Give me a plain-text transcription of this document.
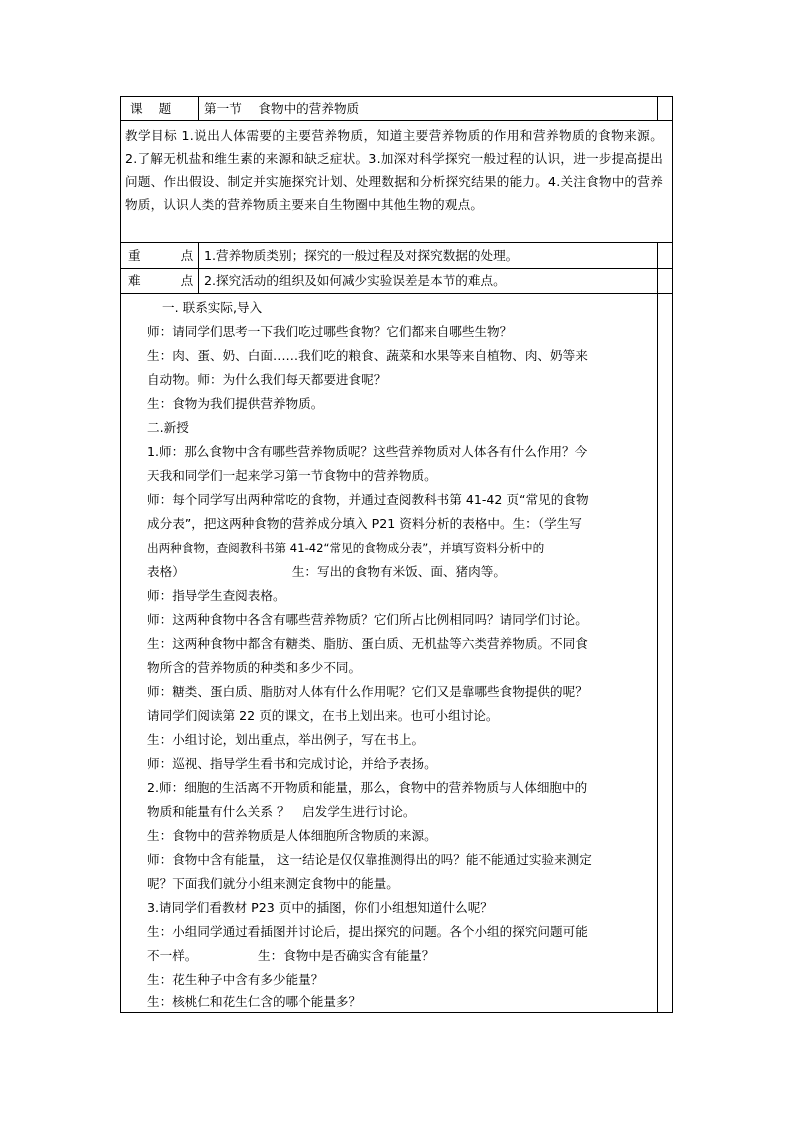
课 题 第一节　 食物中的营养物质
教学目标 1.说出人体需要的主要营养物质，知道主要营养物质的作用和营养物质的食物来源。2.了解无机盐和维生素的来源和缺乏症状。3.加深对科学探究一般过程的认识，进一步提高提出问题、作出假设、制定并实施探究计划、处理数据和分析探究结果的能力。4.关注食物中的营养物质，认识人类的营养物质主要来自生物圈中其他生物的观点。
重 点
1.营养物质类别；探究的一般过程及对探究数据的处理。
难 点
2.探究活动的组织及如何减少实验误差是本节的难点。
一. 联系实际,导入
师：请同学们思考一下我们吃过哪些食物？它们都来自哪些生物？
生：肉、蛋、奶、白面……我们吃的粮食、蔬菜和水果等来自植物、肉、奶等来
自动物。师：为什么我们每天都要进食呢？
生：食物为我们提供营养物质。
二.新授
1.师：那么食物中含有哪些营养物质呢？这些营养物质对人体各有什么作用？今
天我和同学们一起来学习第一节食物中的营养物质。
师：每个同学写出两种常吃的食物，并通过查阅教科书第 41-42 页“常见的食物
成分表”，把这两种食物的营养成分填入 P21 资料分析的表格中。生：（学生写
出两种食物，查阅教科书第 41-42“常见的食物成分表”，并填写资料分析中的
表格）　　　　　　　　　生：写出的食物有米饭、面、猪肉等。
师：指导学生查阅表格。
师：这两种食物中各含有哪些营养物质？它们所占比例相同吗？请同学们讨论。
生：这两种食物中都含有糖类、脂肪、蛋白质、无机盐等六类营养物质。不同食
物所含的营养物质的种类和多少不同。
师：糖类、蛋白质、脂肪对人体有什么作用呢？它们又是靠哪些食物提供的呢？
请同学们阅读第 22 页的课文，在书上划出来。也可小组讨论。
生：小组讨论，划出重点，举出例子，写在书上。
师：巡视、指导学生看书和完成讨论，并给予表扬。
2.师：细胞的生活离不开物质和能量，那么，食物中的营养物质与人体细胞中的
物质和能量有什么关系 ？　启发学生进行讨论。
生：食物中的营养物质是人体细胞所含物质的来源。
师：食物中含有能量， 这一结论是仅仅靠推测得出的吗？能不能通过实验来测定
呢？下面我们就分小组来测定食物中的能量。
3.请同学们看教材 P23 页中的插图，你们小组想知道什么呢？
生：小组同学通过看插图并讨论后，提出探究的问题。各个小组的探究问题可能
不一样。　　　　　 生：食物中是否确实含有能量？
生：花生种子中含有多少能量？
生：核桃仁和花生仁含的哪个能量多？
